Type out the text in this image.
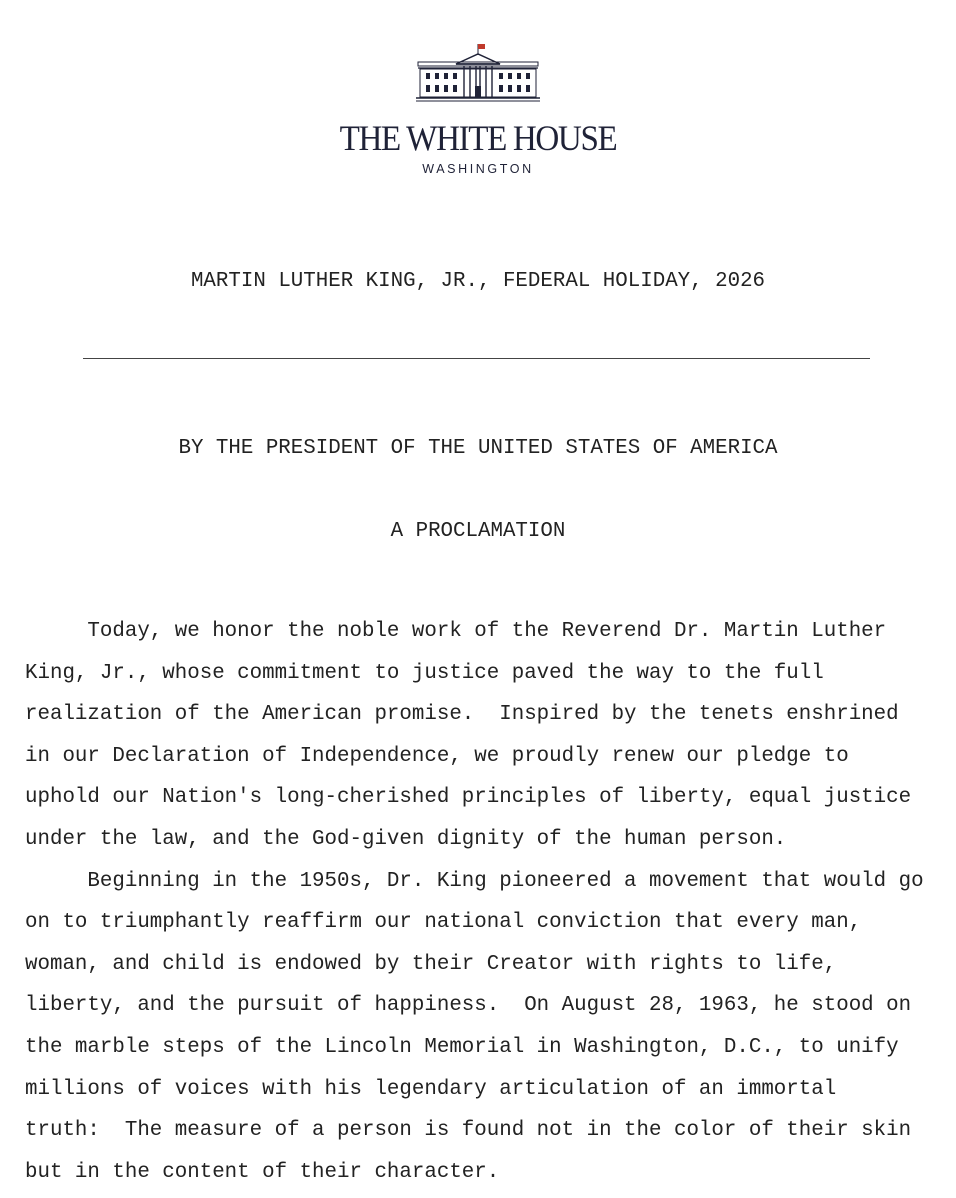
THE WHITE HOUSE
WASHINGTON
MARTIN LUTHER KING, JR., FEDERAL HOLIDAY, 2026
BY THE PRESIDENT OF THE UNITED STATES OF AMERICA
A PROCLAMATION
Today, we honor the noble work of the Reverend Dr. Martin Luther
King, Jr., whose commitment to justice paved the way to the full
realization of the American promise.  Inspired by the tenets enshrined
in our Declaration of Independence, we proudly renew our pledge to
uphold our Nation's long-cherished principles of liberty, equal justice
under the law, and the God-given dignity of the human person.
Beginning in the 1950s, Dr. King pioneered a movement that would go
on to triumphantly reaffirm our national conviction that every man,
woman, and child is endowed by their Creator with rights to life,
liberty, and the pursuit of happiness.  On August 28, 1963, he stood on
the marble steps of the Lincoln Memorial in Washington, D.C., to unify
millions of voices with his legendary articulation of an immortal
truth:  The measure of a person is found not in the color of their skin
but in the content of their character.
